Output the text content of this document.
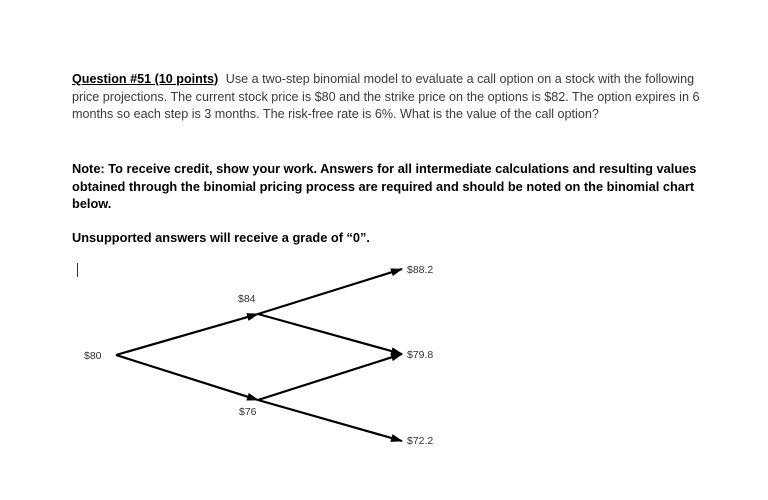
Question #51 (10 points) Use a two-step binomial model to evaluate a call option on a stock with the following price projections. The current stock price is $80 and the strike price on the options is $82. The option expires in 6 months so each step is 3 months. The risk-free rate is 6%. What is the value of the call option?
Note: To receive credit, show your work. Answers for all intermediate calculations and resulting values obtained through the binomial pricing process are required and should be noted on the binomial chart below.
Unsupported answers will receive a grade of “0”.
$80
$84
$76
$88.2
$79.8
$72.2
